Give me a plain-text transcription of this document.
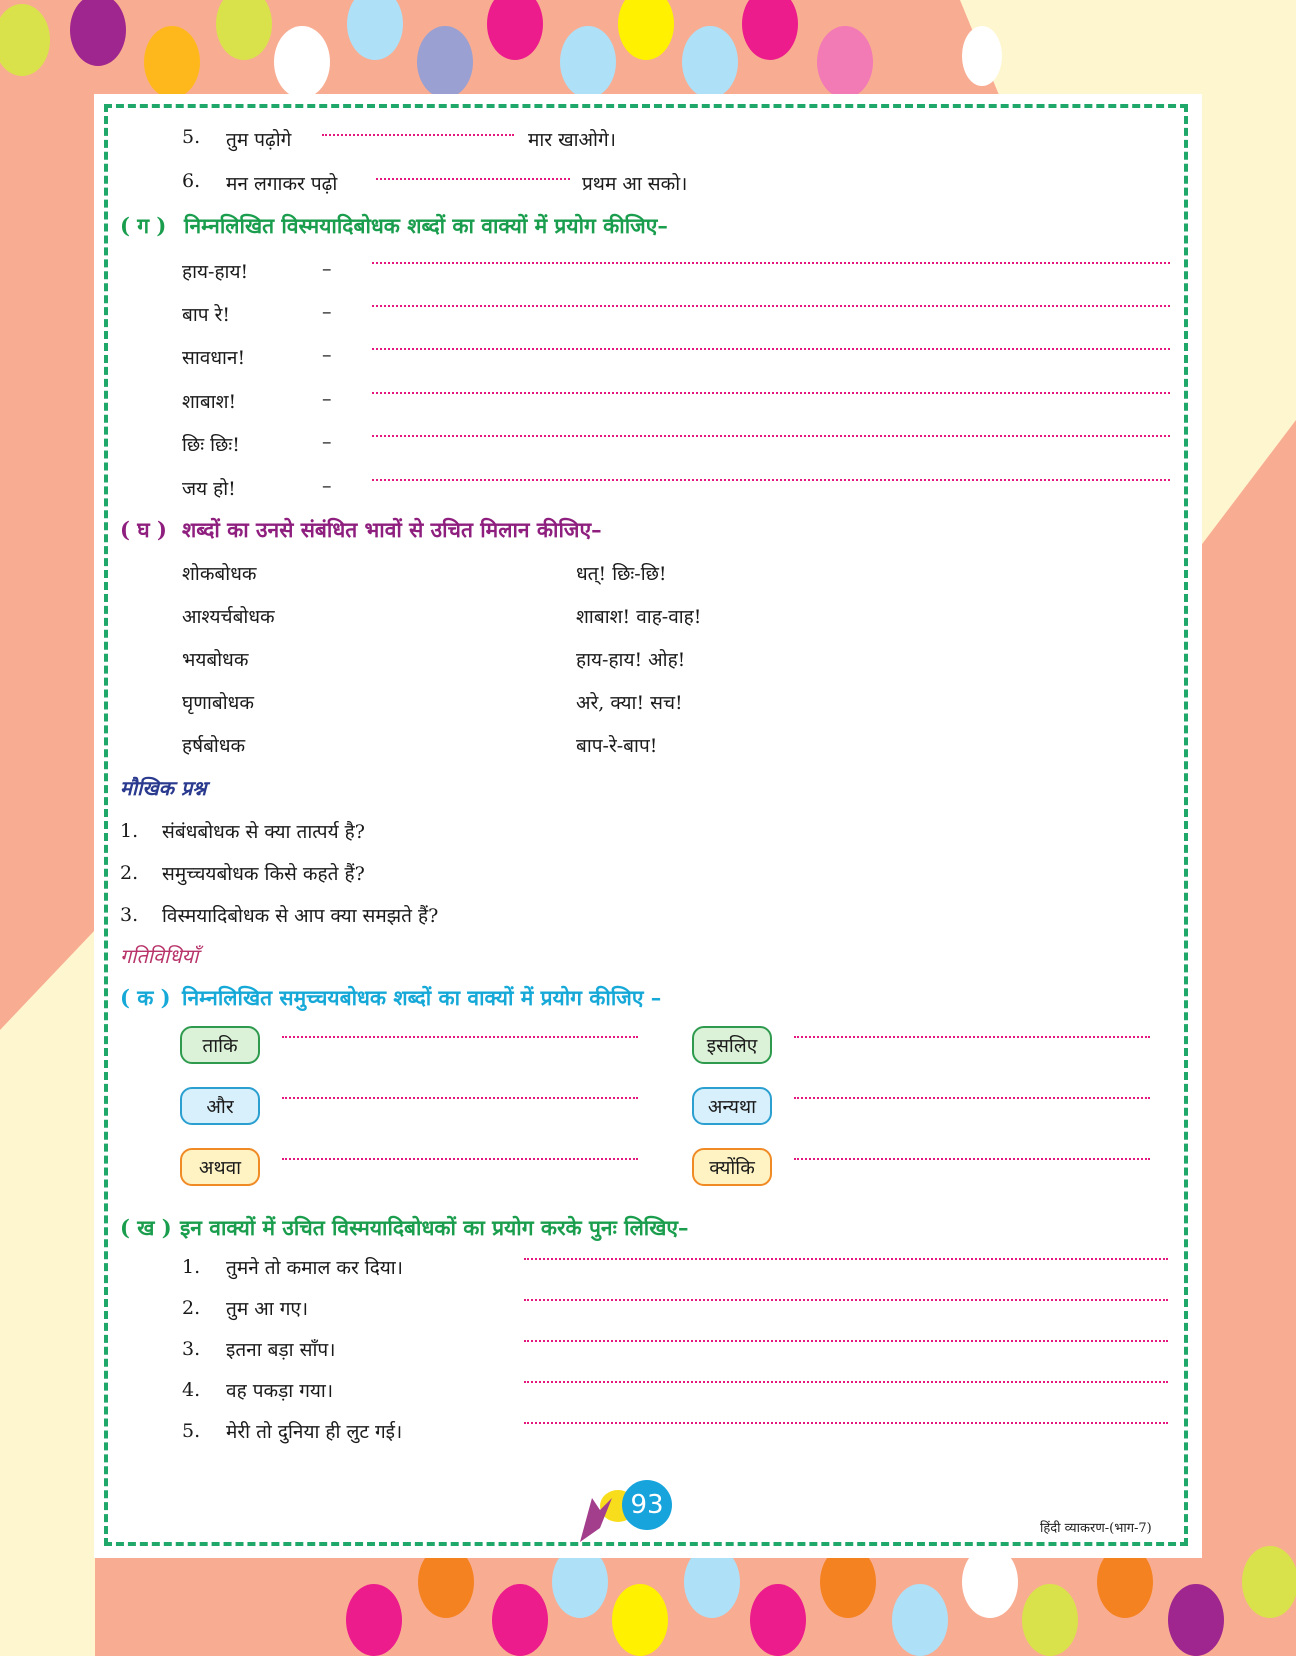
5. तुम पढ़ोगे	मार खाओगे।
6. मन लगाकर पढ़ो	प्रथम आ सको।
( ग ) निम्नलिखित विस्मयादिबोधक शब्दों का वाक्यों में प्रयोग कीजिए–
हाय-हाय!	–
बाप रे!	–
सावधान!	–
शाबाश!	–
छिः छिः!	–
जय हो!	–
( घ ) शब्दों का उनसे संबंधित भावों से उचित मिलान कीजिए–
शोकबोधक	धत्! छिः-छि!
आश्यर्चबोधक	शाबाश! वाह-वाह!
भयबोधक	हाय-हाय! ओह!
घृणाबोधक	अरे, क्या! सच!
हर्षबोधक	बाप-रे-बाप!
मौखिक प्रश्न
1. संबंधबोधक से क्या तात्पर्य है?
2. समुच्चयबोधक किसे कहते हैं?
3. विस्मयादिबोधक से आप क्या समझते हैं?
गतिविधियाँ
( क ) निम्नलिखित समुच्चयबोधक शब्दों का वाक्यों में प्रयोग कीजिए –
ताकि	इसलिए
और	अन्यथा
अथवा	क्योंकि
( ख ) इन वाक्यों में उचित विस्मयादिबोधकों का प्रयोग करके पुनः लिखिए–
1. तुमने तो कमाल कर दिया।
2. तुम आ गए।
3. इतना बड़ा साँप।
4. वह पकड़ा गया।
5. मेरी तो दुनिया ही लुट गई।
93
हिंदी व्याकरण-(भाग-7)
